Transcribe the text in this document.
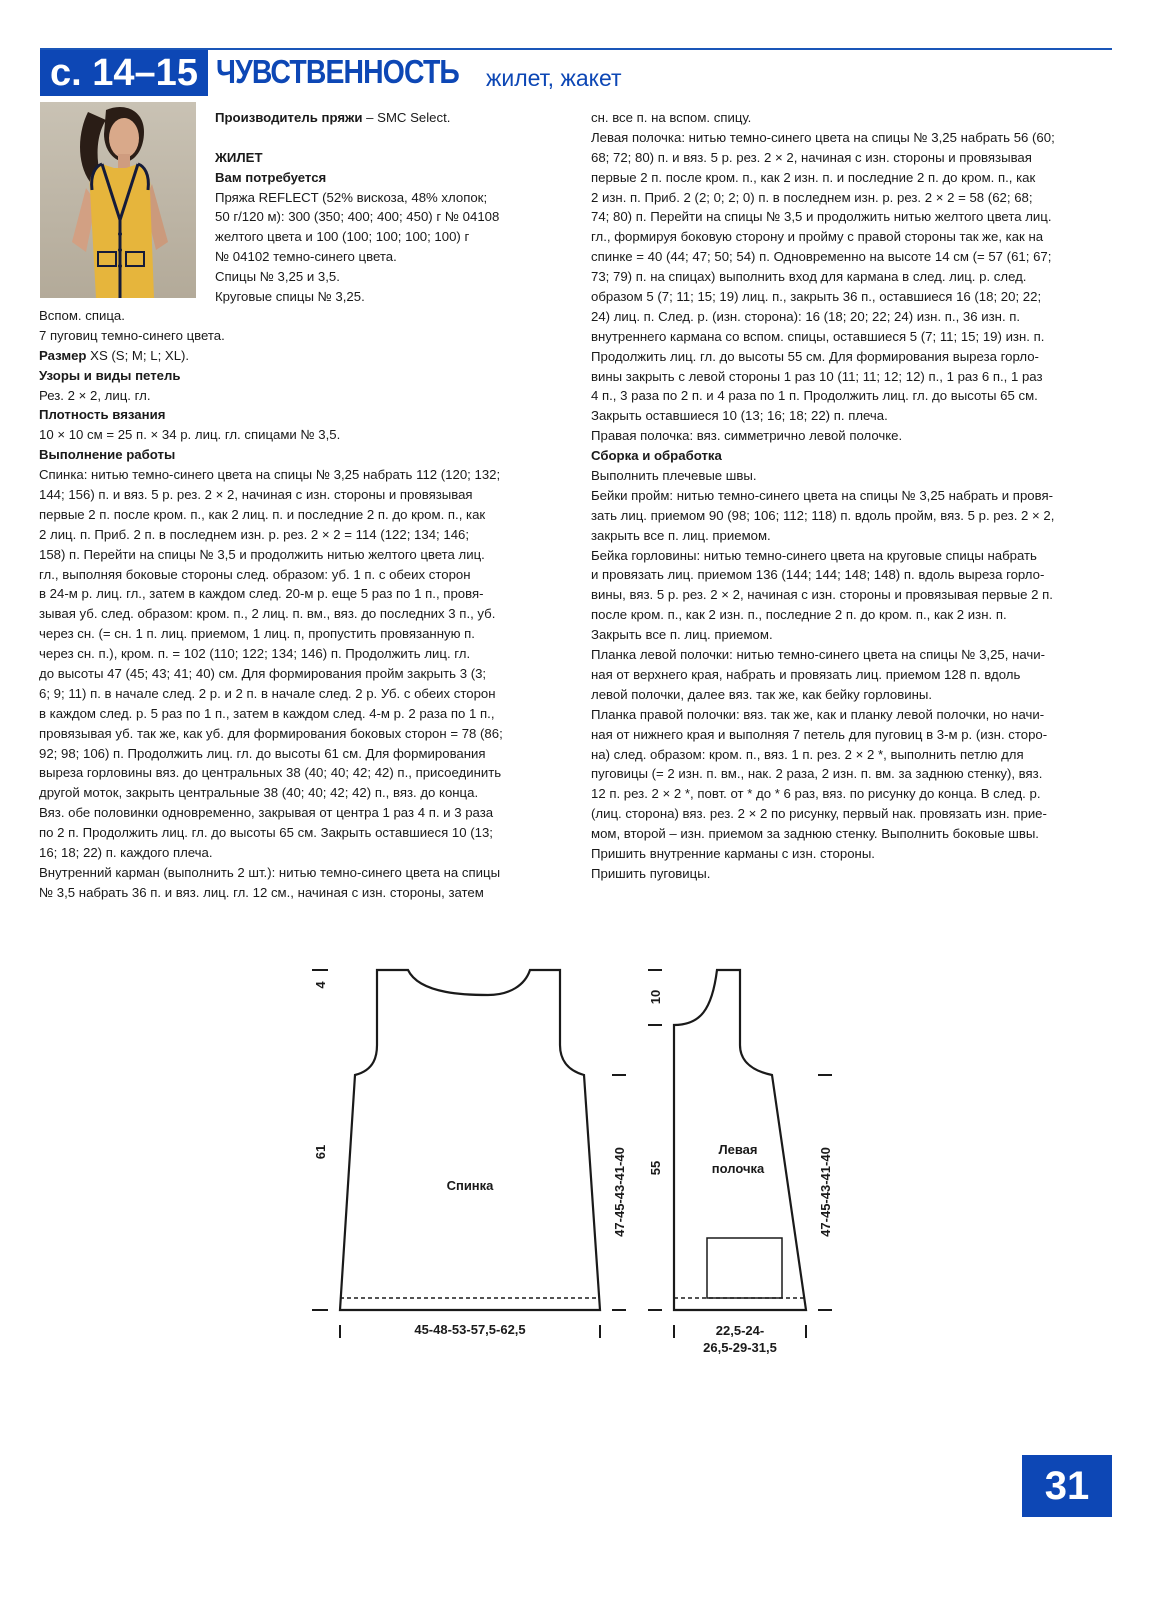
с. 14–15 ЧУВСТВЕННОСТЬ жилет, жакет
Производитель пряжи – SMC Select.
ЖИЛЕТ
Вам потребуется
Пряжа REFLECT (52% вискоза, 48% хлопок;
50 г/120 м): 300 (350; 400; 400; 450) г № 04108
желтого цвета и 100 (100; 100; 100; 100) г
№ 04102 темно-синего цвета.
Спицы № 3,25 и 3,5.
Круговые спицы № 3,25.
Вспом. спица.
7 пуговиц темно-синего цвета.
Размер XS (S; M; L; XL).
Узоры и виды петель
Рез. 2 × 2, лиц. гл.
Плотность вязания
10 × 10 см = 25 п. × 34 р. лиц. гл. спицами № 3,5.
Выполнение работы
Спинка: нитью темно-синего цвета на спицы № 3,25 набрать 112 (120; 132;
144; 156) п. и вяз. 5 р. рез. 2 × 2, начиная с изн. стороны и провязывая
первые 2 п. после кром. п., как 2 лиц. п. и последние 2 п. до кром. п., как
2 лиц. п. Приб. 2 п. в последнем изн. р. рез. 2 × 2 = 114 (122; 134; 146;
158) п. Перейти на спицы № 3,5 и продолжить нитью желтого цвета лиц.
гл., выполняя боковые стороны след. образом: уб. 1 п. с обеих сторон
в 24-м р. лиц. гл., затем в каждом след. 20-м р. еще 5 раз по 1 п., провя-
зывая уб. след. образом: кром. п., 2 лиц. п. вм., вяз. до последних 3 п., уб.
через сн. (= сн. 1 п. лиц. приемом, 1 лиц. п, пропустить провязанную п.
через сн. п.), кром. п. = 102 (110; 122; 134; 146) п. Продолжить лиц. гл.
до высоты 47 (45; 43; 41; 40) см. Для формирования пройм закрыть 3 (3;
6; 9; 11) п. в начале след. 2 р. и 2 п. в начале след. 2 р. Уб. с обеих сторон
в каждом след. р. 5 раз по 1 п., затем в каждом след. 4-м р. 2 раза по 1 п.,
провязывая уб. так же, как уб. для формирования боковых сторон = 78 (86;
92; 98; 106) п. Продолжить лиц. гл. до высоты 61 см. Для формирования
выреза горловины вяз. до центральных 38 (40; 40; 42; 42) п., присоединить
другой моток, закрыть центральные 38 (40; 40; 42; 42) п., вяз. до конца.
Вяз. обе половинки одновременно, закрывая от центра 1 раз 4 п. и 3 раза
по 2 п. Продолжить лиц. гл. до высоты 65 см. Закрыть оставшиеся 10 (13;
16; 18; 22) п. каждого плеча.
Внутренний карман (выполнить 2 шт.): нитью темно-синего цвета на спицы
№ 3,5 набрать 36 п. и вяз. лиц. гл. 12 см., начиная с изн. стороны, затем
сн. все п. на вспом. спицу.
Левая полочка: нитью темно-синего цвета на спицы № 3,25 набрать 56 (60;
68; 72; 80) п. и вяз. 5 р. рез. 2 × 2, начиная с изн. стороны и провязывая
первые 2 п. после кром. п., как 2 изн. п. и последние 2 п. до кром. п., как
2 изн. п. Приб. 2 (2; 0; 2; 0) п. в последнем изн. р. рез. 2 × 2 = 58 (62; 68;
74; 80) п. Перейти на спицы № 3,5 и продолжить нитью желтого цвета лиц.
гл., формируя боковую сторону и пройму с правой стороны так же, как на
спинке = 40 (44; 47; 50; 54) п. Одновременно на высоте 14 см (= 57 (61; 67;
73; 79) п. на спицах) выполнить вход для кармана в след. лиц. р. след.
образом 5 (7; 11; 15; 19) лиц. п., закрыть 36 п., оставшиеся 16 (18; 20; 22;
24) лиц. п. След. р. (изн. сторона): 16 (18; 20; 22; 24) изн. п., 36 изн. п.
внутреннего кармана со вспом. спицы, оставшиеся 5 (7; 11; 15; 19) изн. п.
Продолжить лиц. гл. до высоты 55 см. Для формирования выреза горло-
вины закрыть с левой стороны 1 раз 10 (11; 11; 12; 12) п., 1 раз 6 п., 1 раз
4 п., 3 раза по 2 п. и 4 раза по 1 п. Продолжить лиц. гл. до высоты 65 см.
Закрыть оставшиеся 10 (13; 16; 18; 22) п. плеча.
Правая полочка: вяз. симметрично левой полочке.
Сборка и обработка
Выполнить плечевые швы.
Бейки пройм: нитью темно-синего цвета на спицы № 3,25 набрать и провя-
зать лиц. приемом 90 (98; 106; 112; 118) п. вдоль пройм, вяз. 5 р. рез. 2 × 2,
закрыть все п. лиц. приемом.
Бейка горловины: нитью темно-синего цвета на круговые спицы набрать
и провязать лиц. приемом 136 (144; 144; 148; 148) п. вдоль выреза горло-
вины, вяз. 5 р. рез. 2 × 2, начиная с изн. стороны и провязывая первые 2 п.
после кром. п., как 2 изн. п., последние 2 п. до кром. п., как 2 изн. п.
Закрыть все п. лиц. приемом.
Планка левой полочки: нитью темно-синего цвета на спицы № 3,25, начи-
ная от верхнего края, набрать и провязать лиц. приемом 128 п. вдоль
левой полочки, далее вяз. так же, как бейку горловины.
Планка правой полочки: вяз. так же, как и планку левой полочки, но начи-
ная от нижнего края и выполняя 7 петель для пуговиц в 3-м р. (изн. сторо-
на) след. образом: кром. п., вяз. 1 п. рез. 2 × 2 *, выполнить петлю для
пуговицы (= 2 изн. п. вм., нак. 2 раза, 2 изн. п. вм. за заднюю стенку), вяз.
12 п. рез. 2 × 2 *, повт. от * до * 6 раз, вяз. по рисунку до конца. В след. р.
(лиц. сторона) вяз. рез. 2 × 2 по рисунку, первый нак. провязать изн. прие-
мом, второй – изн. приемом за заднюю стенку. Выполнить боковые швы.
Пришить внутренние карманы с изн. стороны.
Пришить пуговицы.
Спинка
4
61	47-45-43-41-40
45-48-53-57,5-62,5
Левая
полочка
10
55	47-45-43-41-40
22,5-24-
26,5-29-31,5
31
